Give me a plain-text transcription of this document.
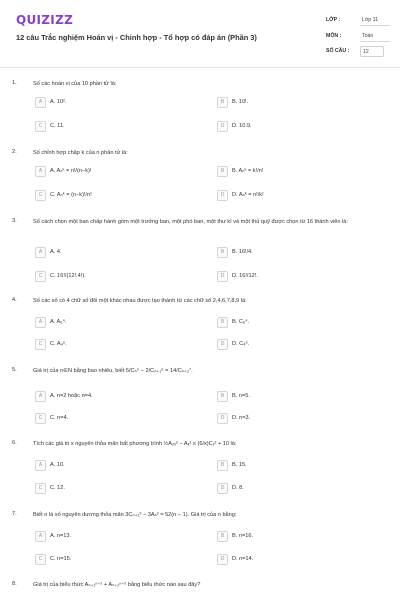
QUIZIZZ
12 câu Trắc nghiệm Hoán vị - Chỉnh hợp - Tổ hợp có đáp án (Phần 3)
LỚP :	Lớp 11
MÔN :	Toán
SỐ CÂU :	12
1.	Số các hoán vị của 10 phần tử là:
A	A. 10².	B	B. 10!.
C	C. 11.	D	D. 10.9.
2.	Số chỉnh hợp chập k của n phần tử là:
A	A. Aₙᵏ = n!/(n−k)!	B	B. Aₙᵏ = k!/n!
C	C. Aₙᵏ = (n−k)!/n!	D	D. Aₙᵏ = n!/k!
3.	Số cách chọn một ban chấp hành gồm một trưởng ban, một phó ban, một thư kí và một thủ quỹ được chọn từ 16 thành viên là:
A	A. 4.	B	B. 16!/4.
C	C. 16!/(12!.4!).	D	D. 16!/12!.
4.	Số các số có 4 chữ số đôi một khác nhau được tạo thành từ các chữ số 2,4,6,7,8,9 là:
A	A. A₆⁴.	B	B. C₆⁴.
C	C. A₄⁶.	D	D. C₄⁶.
5.	Giá trị của n∈N bằng bao nhiêu, biết 5/Cₙ⁵ − 2/Cₙ₊₁⁶ = 14/Cₙ₊₂⁷.
A	A. n=2 hoặc n=4.	B	B. n=5.
C	C. n=4.	D	D. n=3.
6.	Tích các giá trị x nguyên thỏa mãn bất phương trình ½A₂ₓ² − Aₓ² ≤ (6/x)Cₓ³ + 10 là:
A	A. 10.	B	B. 15.
C	C. 12.	D	D. 8.
7.	Biết n là số nguyên dương thỏa mãn 3Cₙ₊₁³ − 3Aₙ² = 52(n − 1). Giá trị của n bằng:
A	A. n=13.	B	B. n=16.
C	C. n=15.	D	D. n=14.
8.	Giá trị của biểu thức Aₙ₊₁ⁿ⁺¹ + Aₙ₊₂ⁿ⁺² bằng biểu thức nào sau đây?
